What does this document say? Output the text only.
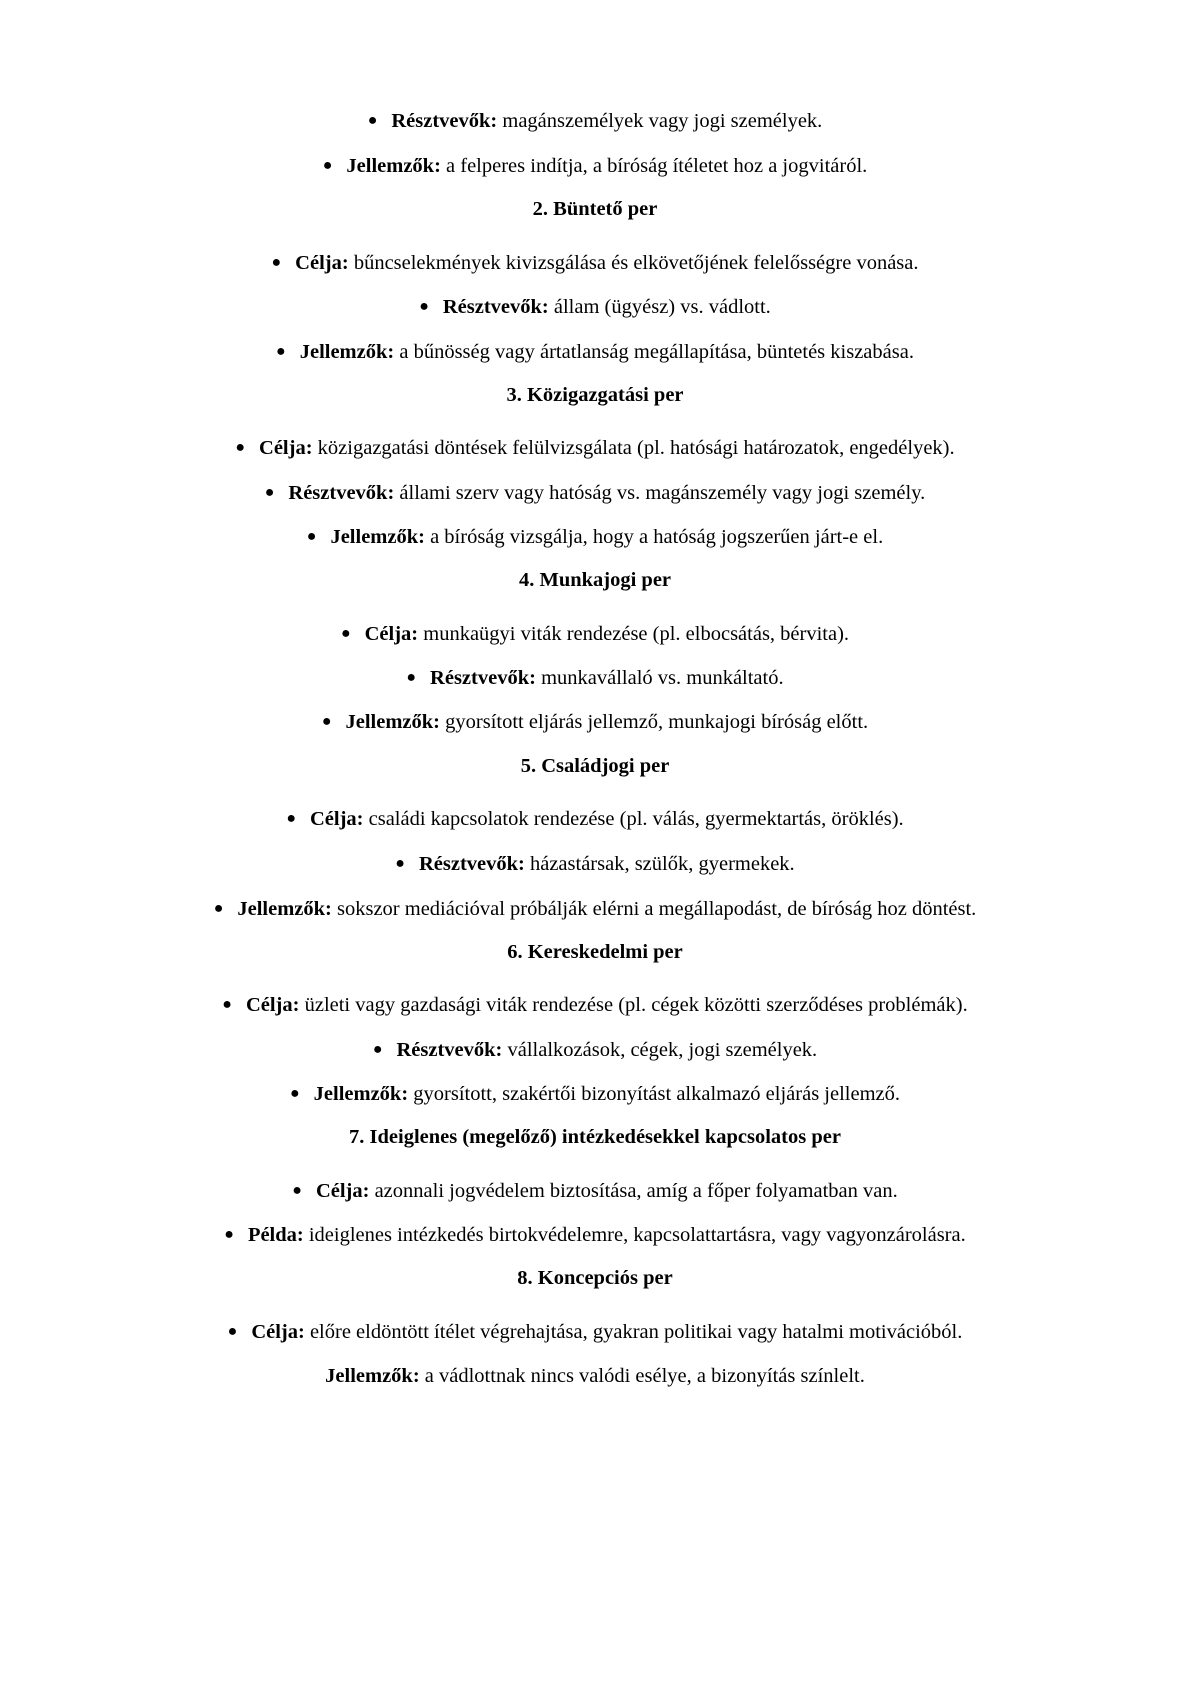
● Résztvevők: magánszemélyek vagy jogi személyek.
● Jellemzők: a felperes indítja, a bíróság ítéletet hoz a jogvitáról.
2. Büntető per
● Célja: bűncselekmények kivizsgálása és elkövetőjének felelősségre vonása.
● Résztvevők: állam (ügyész) vs. vádlott.
● Jellemzők: a bűnösség vagy ártatlanság megállapítása, büntetés kiszabása.
3. Közigazgatási per
● Célja: közigazgatási döntések felülvizsgálata (pl. hatósági határozatok, engedélyek).
● Résztvevők: állami szerv vagy hatóság vs. magánszemély vagy jogi személy.
● Jellemzők: a bíróság vizsgálja, hogy a hatóság jogszerűen járt-e el.
4. Munkajogi per
● Célja: munkaügyi viták rendezése (pl. elbocsátás, bérvita).
● Résztvevők: munkavállaló vs. munkáltató.
● Jellemzők: gyorsított eljárás jellemző, munkajogi bíróság előtt.
5. Családjogi per
● Célja: családi kapcsolatok rendezése (pl. válás, gyermektartás, öröklés).
● Résztvevők: házastársak, szülők, gyermekek.
● Jellemzők: sokszor mediációval próbálják elérni a megállapodást, de bíróság hoz döntést.
6. Kereskedelmi per
● Célja: üzleti vagy gazdasági viták rendezése (pl. cégek közötti szerződéses problémák).
● Résztvevők: vállalkozások, cégek, jogi személyek.
● Jellemzők: gyorsított, szakértői bizonyítást alkalmazó eljárás jellemző.
7. Ideiglenes (megelőző) intézkedésekkel kapcsolatos per
● Célja: azonnali jogvédelem biztosítása, amíg a főper folyamatban van.
● Példa: ideiglenes intézkedés birtokvédelemre, kapcsolattartásra, vagy vagyonzárolásra.
8. Koncepciós per
● Célja: előre eldöntött ítélet végrehajtása, gyakran politikai vagy hatalmi motivációból.
Jellemzők: a vádlottnak nincs valódi esélye, a bizonyítás színlelt.
